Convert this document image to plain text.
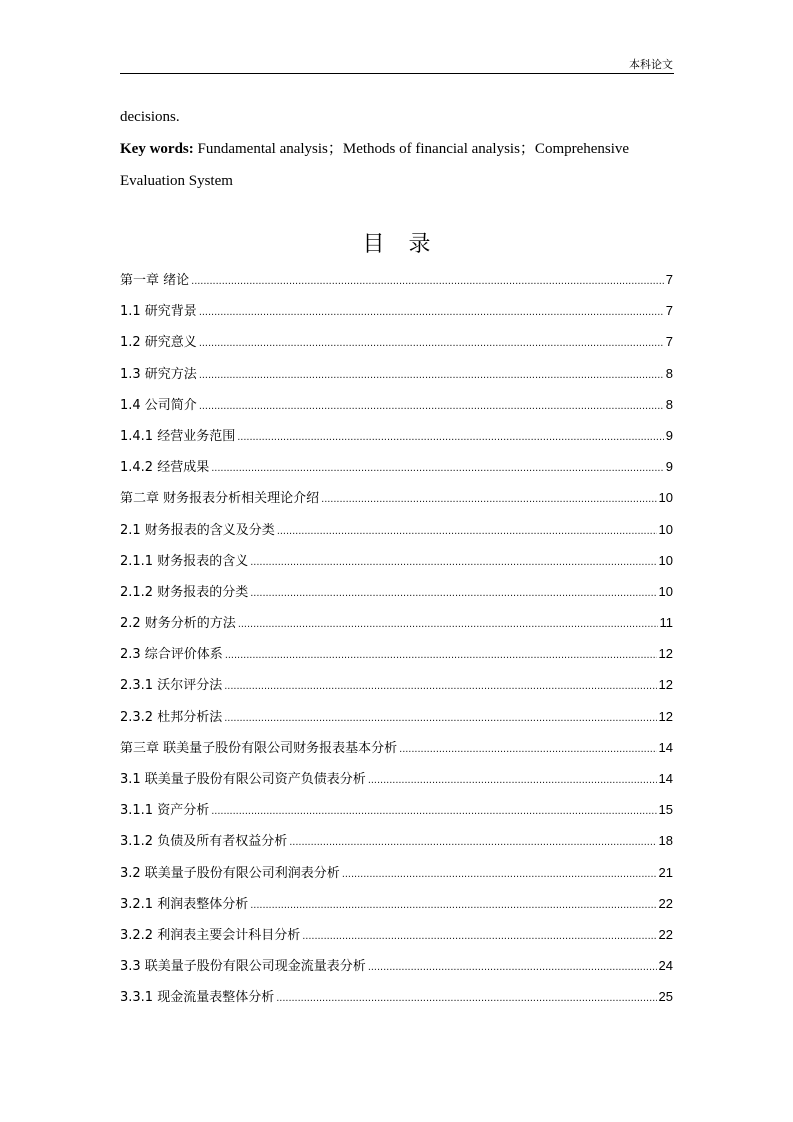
本科论文

decisions.

Key words: Fundamental analysis；Methods of financial analysis；Comprehensive Evaluation System

目录
第一章 绪论 .....	7
1.1 研究背景 .....	7
1.2 研究意义 .....	7
1.3 研究方法 .....	8
1.4 公司简介 .....	8
1.4.1 经营业务范围 .....	9
1.4.2 经营成果 .....	9
第二章 财务报表分析相关理论介绍 .....	10
2.1 财务报表的含义及分类 .....	10
2.1.1 财务报表的含义 .....	10
2.1.2 财务报表的分类 .....	10
2.2 财务分析的方法 .....	11
2.3 综合评价体系 .....	12
2.3.1 沃尔评分法 .....	12
2.3.2 杜邦分析法 .....	12
第三章 联美量子股份有限公司财务报表基本分析 .....	14
3.1 联美量子股份有限公司资产负债表分析 .....	14
3.1.1 资产分析 .....	15
3.1.2 负债及所有者权益分析 .....	18
3.2 联美量子股份有限公司利润表分析 .....	21
3.2.1 利润表整体分析 .....	22
3.2.2 利润表主要会计科目分析 .....	22
3.3 联美量子股份有限公司现金流量表分析 .....	24
3.3.1 现金流量表整体分析 .....	25
